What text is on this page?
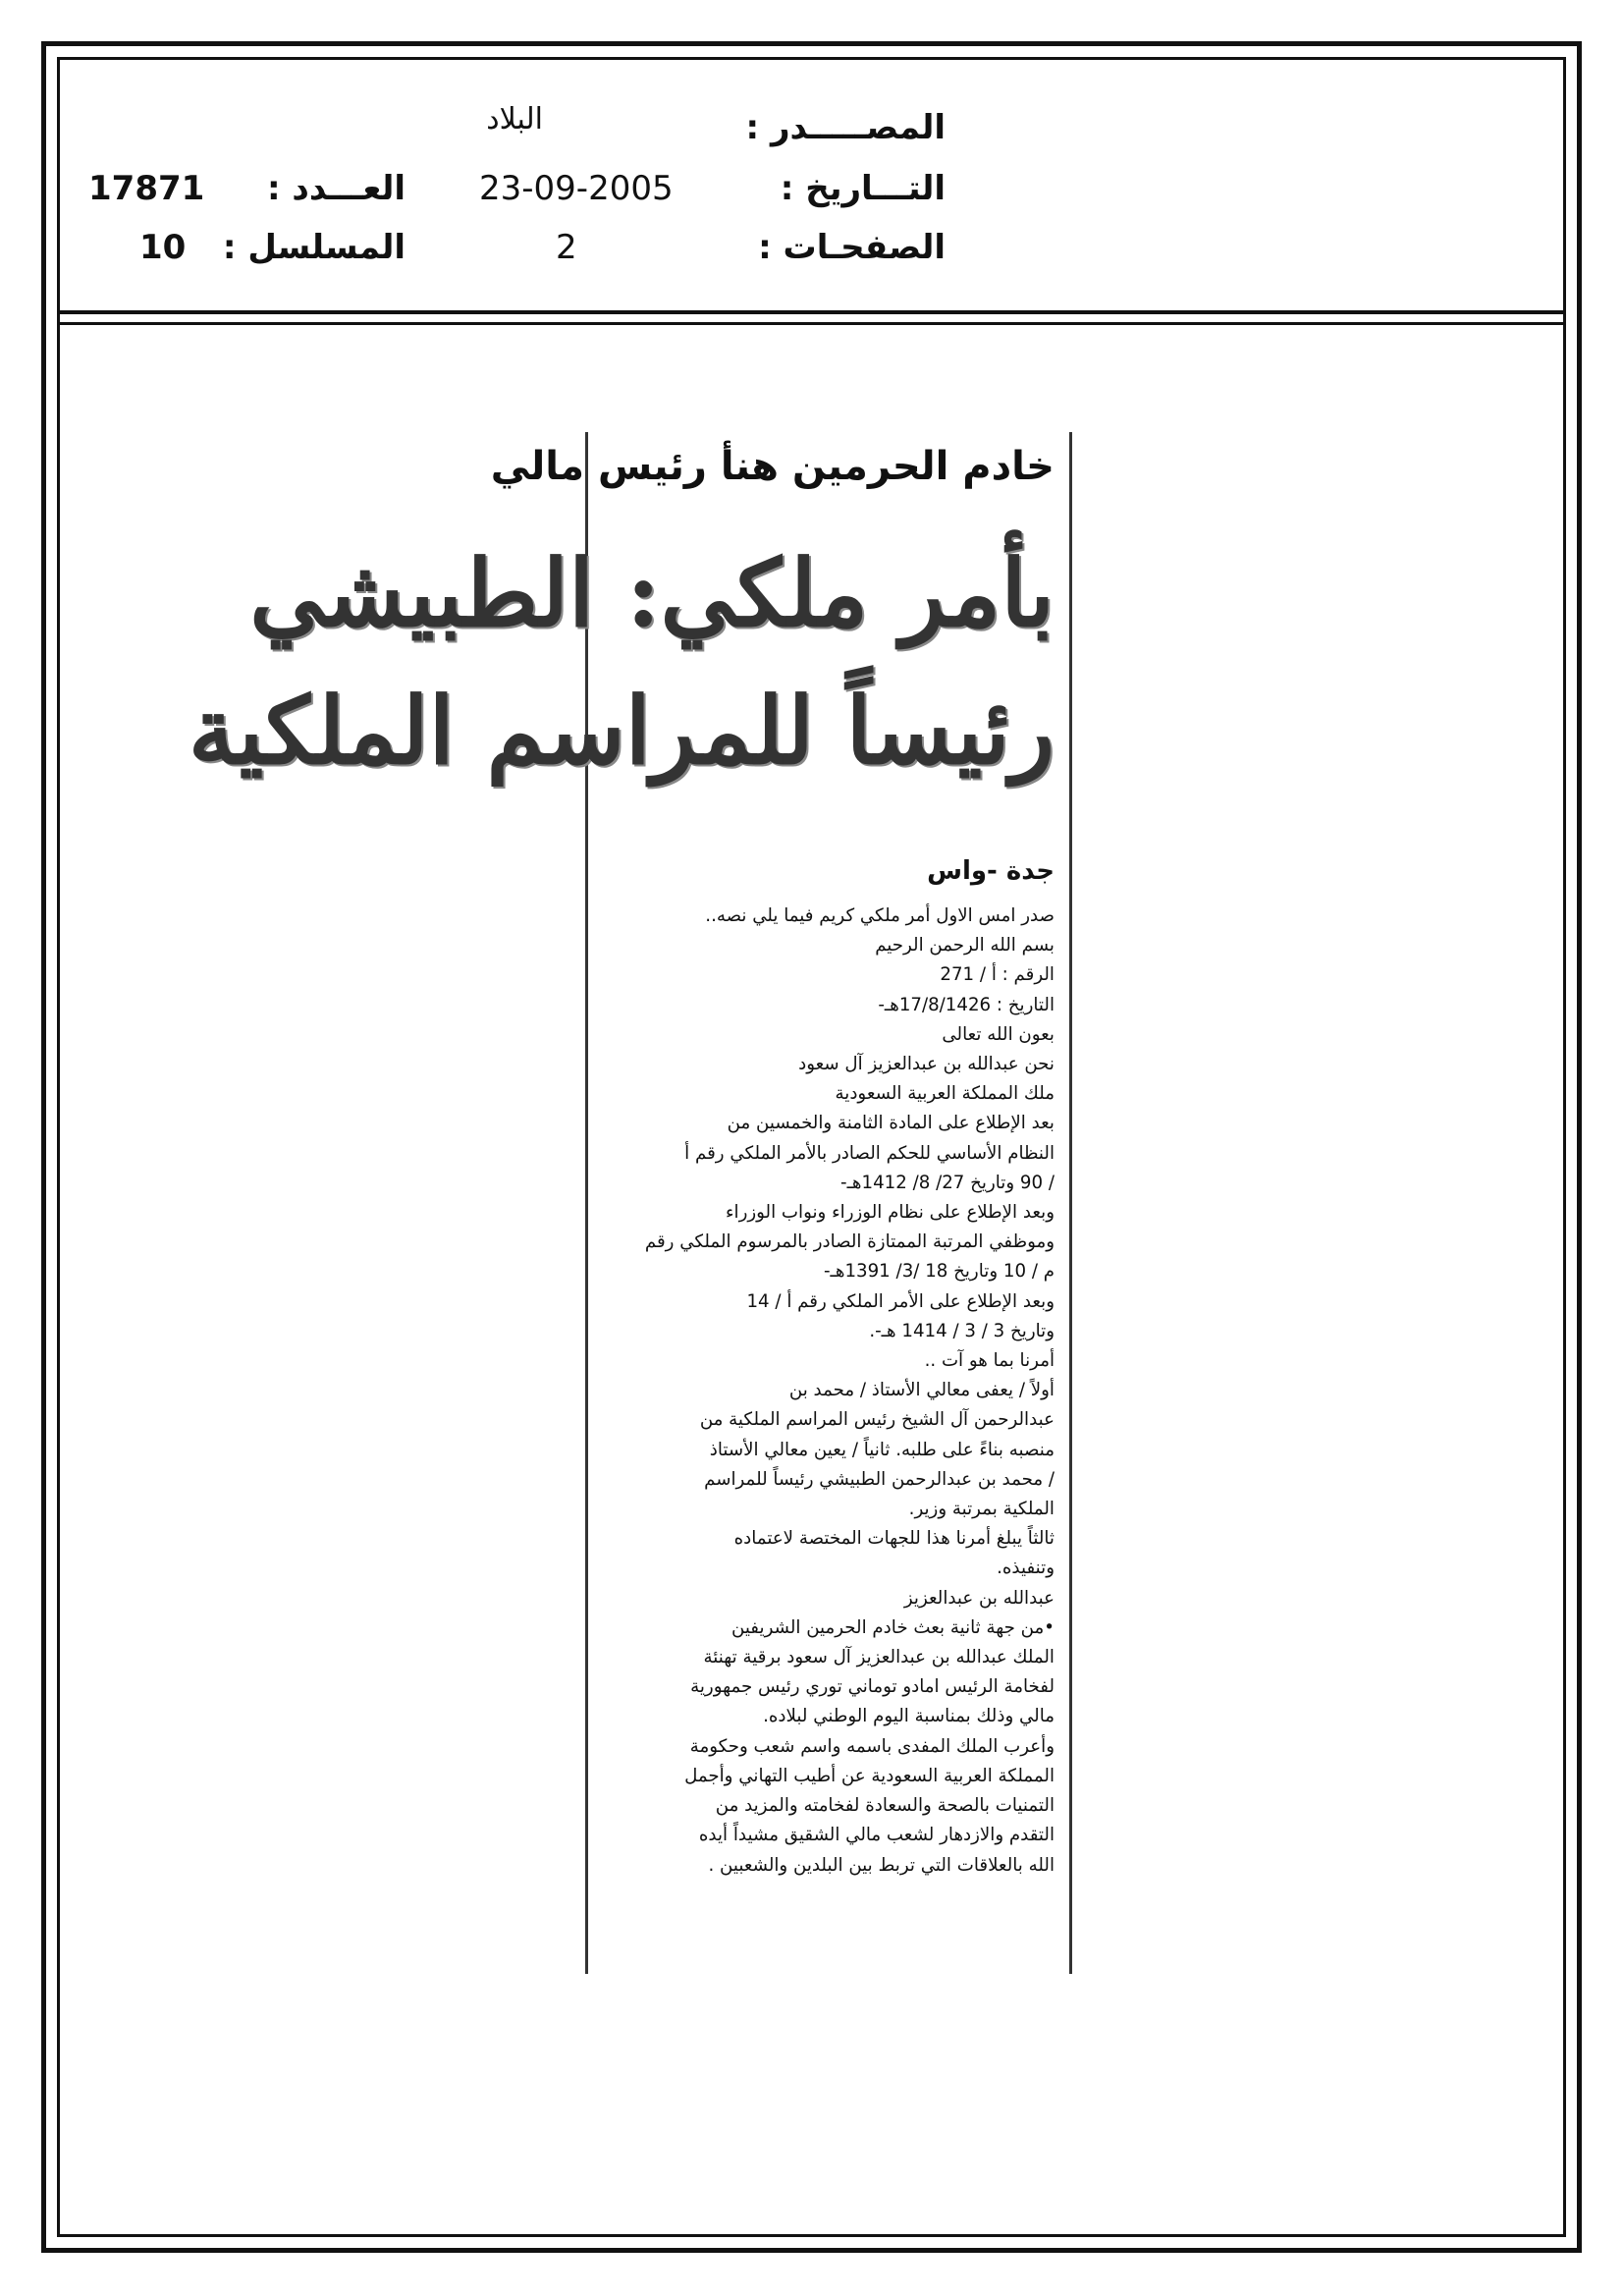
المصـــــدر :
البلاد
التـــاريخ :
23-09-2005
العـــدد :
17871
الصفحـات :
2
المسلسل :
10
خادم الحرمين هنأ رئيس مالي
بأمر ملكي: الطبيشي
رئيساً للمراسم الملكية
جدة -واس
صدر امس الاول أمر ملكي كريم فيما يلي نصه..
بسم الله الرحمن الرحيم
الرقم : أ / 271
التاريخ : 17/8/1426هـ-
بعون الله تعالى
نحن عبدالله بن عبدالعزيز آل سعود
ملك المملكة العربية السعودية
بعد الإطلاع على المادة الثامنة والخمسين من
النظام الأساسي للحكم الصادر بالأمر الملكي رقم أ
/ 90 وتاريخ 27/ 8/ 1412هـ-
وبعد الإطلاع على نظام الوزراء ونواب الوزراء
وموظفي المرتبة الممتازة الصادر بالمرسوم الملكي رقم
م / 10 وتاريخ 18 /3/ 1391هـ-
وبعد الإطلاع على الأمر الملكي رقم أ / 14
وتاريخ 3 / 3 / 1414 هـ-.
أمرنا بما هو آت ..
أولاً / يعفى معالي الأستاذ / محمد بن
عبدالرحمن آل الشيخ رئيس المراسم الملكية من
منصبه بناءً على طلبه. ثانياً / يعين معالي الأستاذ
/ محمد بن عبدالرحمن الطبيشي رئيساً للمراسم
الملكية بمرتبة وزير.
ثالثاً يبلغ أمرنا هذا للجهات المختصة لاعتماده
وتنفيذه.
عبدالله بن عبدالعزيز
•من جهة ثانية بعث خادم الحرمين الشريفين
الملك عبدالله بن عبدالعزيز آل سعود برقية تهنئة
لفخامة الرئيس امادو توماني توري رئيس جمهورية
مالي وذلك بمناسبة اليوم الوطني لبلاده.
وأعرب الملك المفدى باسمه واسم شعب وحكومة
المملكة العربية السعودية عن أطيب التهاني وأجمل
التمنيات بالصحة والسعادة لفخامته والمزيد من
التقدم والازدهار لشعب مالي الشقيق مشيداً أيده
الله بالعلاقات التي تربط بين البلدين والشعبين .
